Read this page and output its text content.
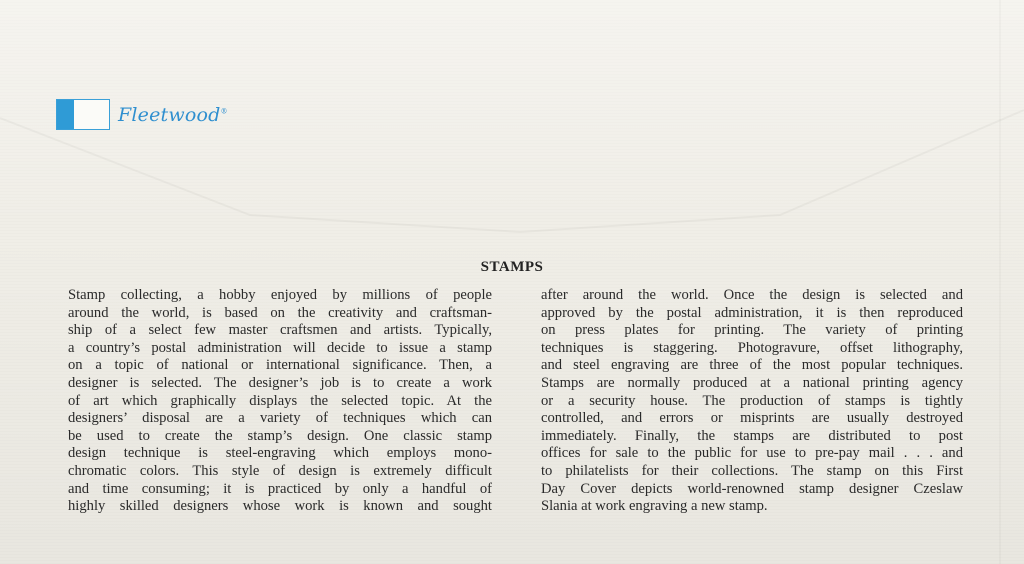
Fleetwood®
STAMPS
Stamp collecting, a hobby enjoyed by millions of people
around the world, is based on the creativity and craftsman-
ship of a select few master craftsmen and artists. Typically,
a country’s postal administration will decide to issue a stamp
on a topic of national or international significance. Then, a
designer is selected. The designer’s job is to create a work
of art which graphically displays the selected topic. At the
designers’ disposal are a variety of techniques which can
be used to create the stamp’s design. One classic stamp
design technique is steel-engraving which employs mono-
chromatic colors. This style of design is extremely difficult
and time consuming; it is practiced by only a handful of
highly skilled designers whose work is known and sought
after around the world. Once the design is selected and
approved by the postal administration, it is then reproduced
on press plates for printing. The variety of printing
techniques is staggering. Photogravure, offset lithography,
and steel engraving are three of the most popular techniques.
Stamps are normally produced at a national printing agency
or a security house. The production of stamps is tightly
controlled, and errors or misprints are usually destroyed
immediately. Finally, the stamps are distributed to post
offices for sale to the public for use to pre-pay mail . . . and
to philatelists for their collections. The stamp on this First
Day Cover depicts world-renowned stamp designer Czeslaw
Slania at work engraving a new stamp.
